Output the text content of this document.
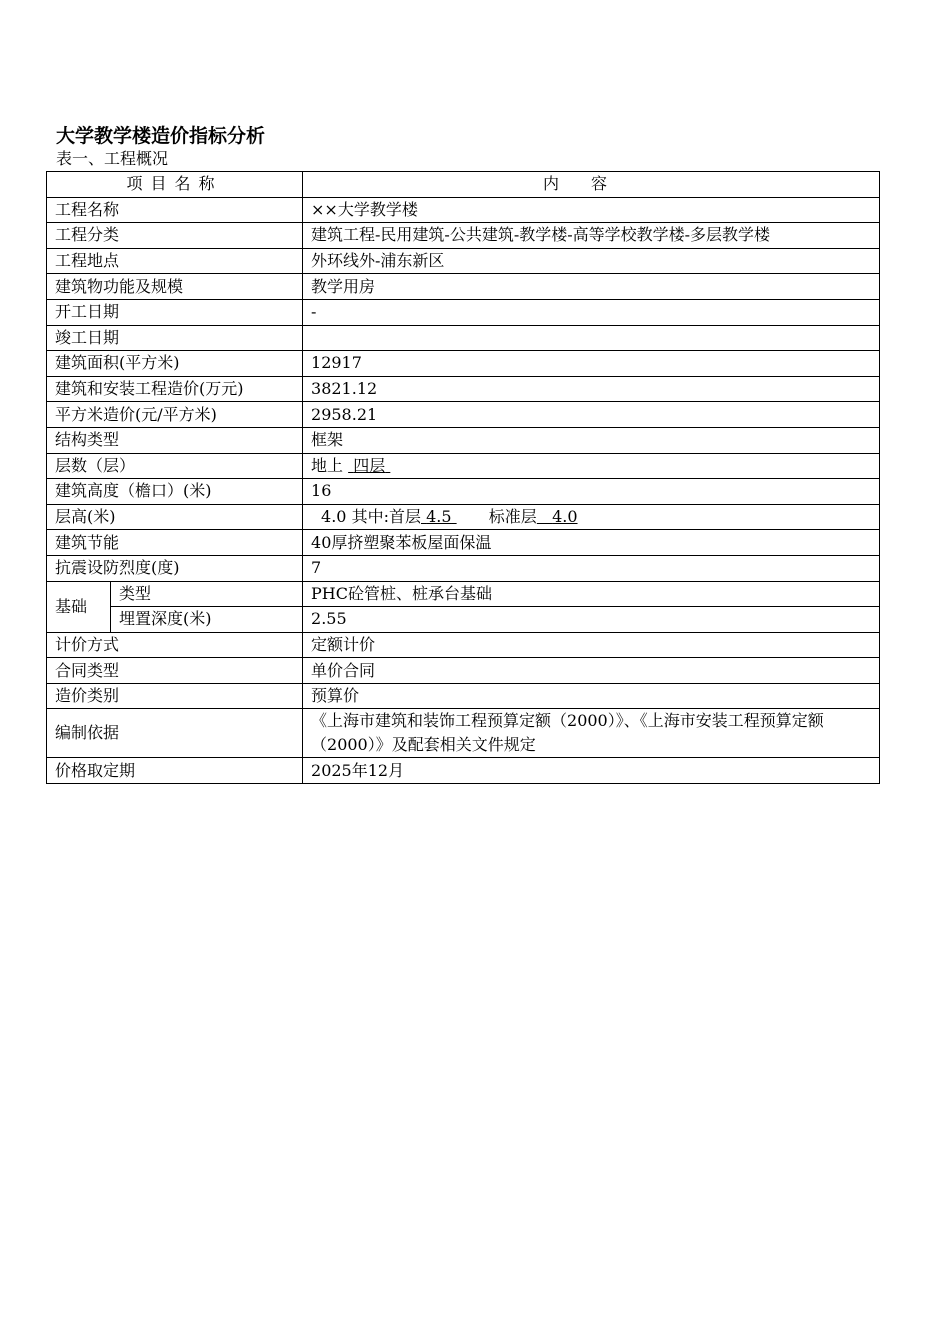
大学教学楼造价指标分析
表一、工程概况
项目名称		内容
工程名称		××大学教学楼
工程分类		建筑工程-民用建筑-公共建筑-教学楼-高等学校教学楼-多层教学楼
工程地点		外环线外-浦东新区
建筑物功能及规模		教学用房
开工日期		-
竣工日期		
建筑面积(平方米)		12917
建筑和安装工程造价(万元)		3821.12
平方米造价(元/平方米)		2958.21
结构类型		框架
层数（层）		地上 四层
建筑高度（檐口）(米)		16
层高(米)		4.0 其中:首层 4.5 标准层 4.0
建筑节能		40厚挤塑聚苯板屋面保温
抗震设防烈度(度)		7
基础	类型	PHC砼管桩、桩承台基础
	埋置深度(米)	2.55
计价方式		定额计价
合同类型		单价合同
造价类别		预算价
编制依据		《上海市建筑和装饰工程预算定额（2000）》、《上海市安装工程预算定额（2000）》及配套相关文件规定
价格取定期		2025年12月
